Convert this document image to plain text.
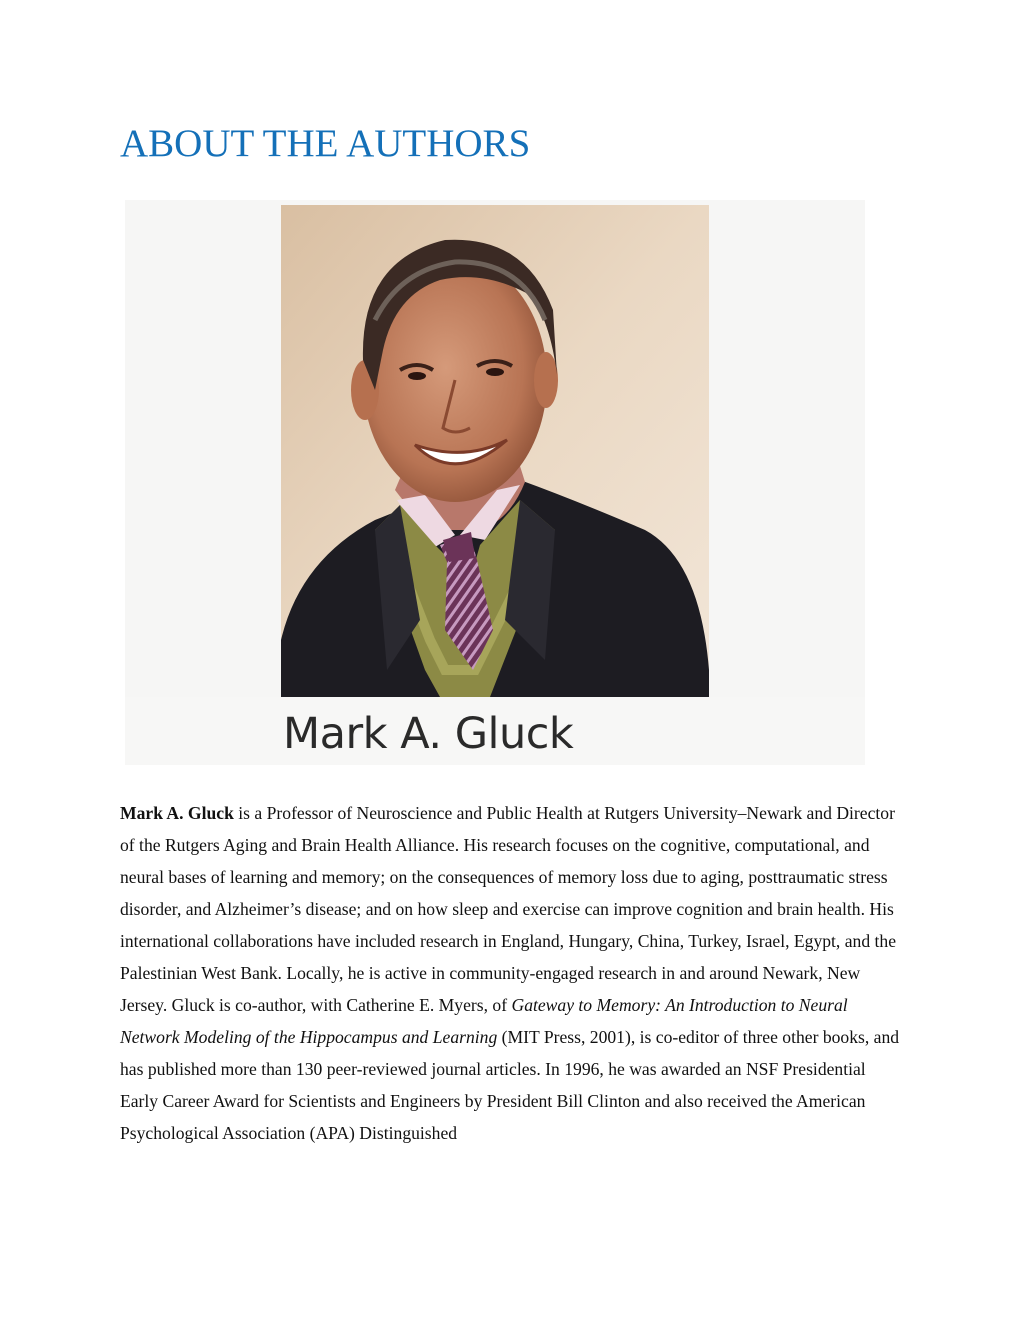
ABOUT THE AUTHORS
Mark A. Gluck

Mark A. Gluck is a Professor of Neuroscience and Public Health at Rutgers University–Newark and Director of the Rutgers Aging and Brain Health Alliance. His research focuses on the cognitive, computational, and neural bases of learning and memory; on the consequences of memory loss due to aging, posttraumatic stress disorder, and Alzheimer’s disease; and on how sleep and exercise can improve cognition and brain health. His international collaborations have included research in England, Hungary, China, Turkey, Israel, Egypt, and the Palestinian West Bank. Locally, he is active in community-engaged research in and around Newark, New Jersey. Gluck is co-author, with Catherine E. Myers, of Gateway to Memory: An Introduction to Neural Network Modeling of the Hippocampus and Learning (MIT Press, 2001), is co-editor of three other books, and has published more than 130 peer-reviewed journal articles. In 1996, he was awarded an NSF Presidential Early Career Award for Scientists and Engineers by President Bill Clinton and also received the American Psychological Association (APA) Distinguished
